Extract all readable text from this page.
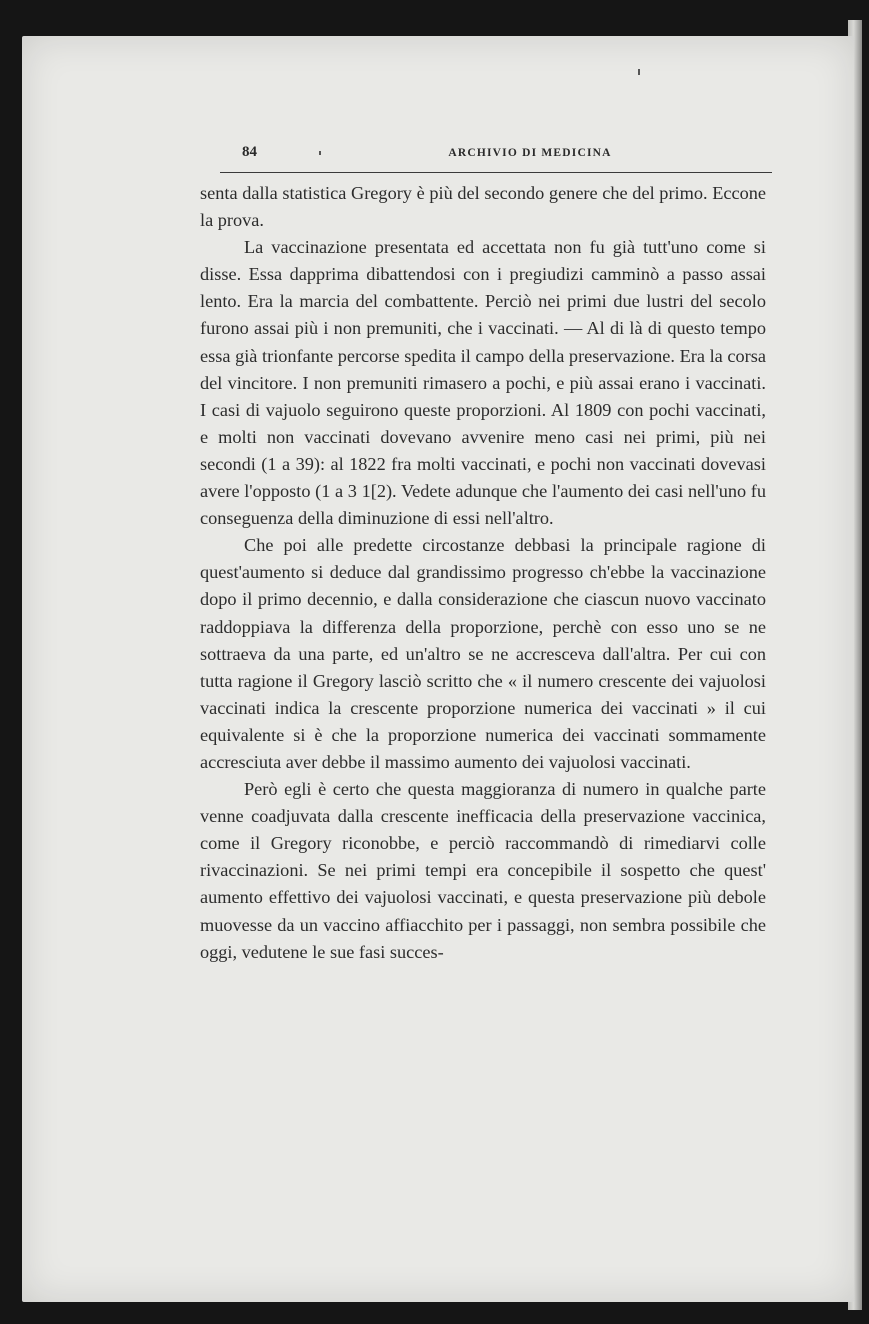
84	ARCHIVIO DI MEDICINA

senta dalla statistica Gregory è più del secondo genere che del primo. Eccone la prova.

La vaccinazione presentata ed accettata non fu già tutt'uno come si disse. Essa dapprima dibattendosi con i pregiudizi camminò a passo assai lento. Era la marcia del combattente. Perciò nei primi due lustri del secolo furono assai più i non premuniti, che i vaccinati. — Al di là di questo tempo essa già trionfante percorse spedita il campo della preservazione. Era la corsa del vincitore. I non premuniti rimasero a pochi, e più assai erano i vaccinati. I casi di vajuolo seguirono queste proporzioni. Al 1809 con pochi vaccinati, e molti non vaccinati dovevano avvenire meno casi nei primi, più nei secondi (1 a 39): al 1822 fra molti vaccinati, e pochi non vaccinati dovevasi avere l'opposto (1 a 3 1[2). Vedete adunque che l'aumento dei casi nell'uno fu conseguenza della diminuzione di essi nell'altro.

Che poi alle predette circostanze debbasi la principale ragione di quest'aumento si deduce dal grandissimo progresso ch'ebbe la vaccinazione dopo il primo decennio, e dalla considerazione che ciascun nuovo vaccinato raddoppiava la differenza della proporzione, perchè con esso uno se ne sottraeva da una parte, ed un'altro se ne accresceva dall'altra. Per cui con tutta ragione il Gregory lasciò scritto che « il numero crescente dei vajuolosi vaccinati indica la crescente proporzione numerica dei vaccinati » il cui equivalente si è che la proporzione numerica dei vaccinati sommamente accresciuta aver debbe il massimo aumento dei vajuolosi vaccinati.

Però egli è certo che questa maggioranza di numero in qualche parte venne coadjuvata dalla crescente inefficacia della preservazione vaccinica, come il Gregory riconobbe, e perciò raccommandò di rimediarvi colle rivaccinazioni. Se nei primi tempi era concepibile il sospetto che quest' aumento effettivo dei vajuolosi vaccinati, e questa preservazione più debole muovesse da un vaccino affiacchito per i passaggi, non sembra possibile che oggi, vedutene le sue fasi succes-
